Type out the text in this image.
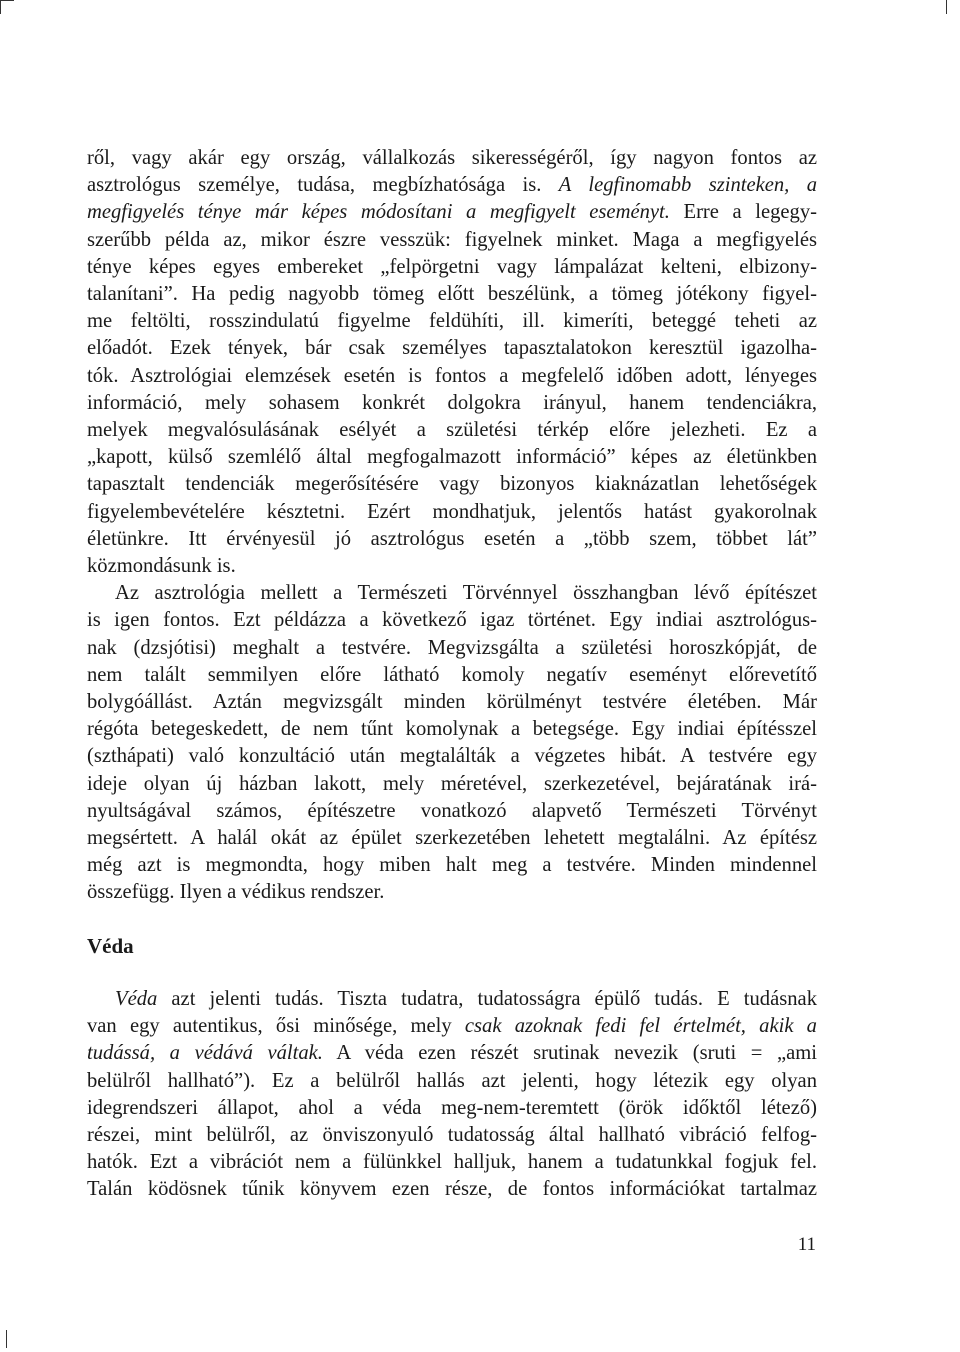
ről, vagy akár egy ország, vállalkozás sikerességéről, így nagyon fontos az
asztrológus személye, tudása, megbízhatósága is. A legfinomabb szinteken, a
megfigyelés ténye már képes módosítani a megfigyelt eseményt. Erre a legegy-
szerűbb példa az, mikor észre vesszük: figyelnek minket. Maga a megfigyelés
ténye képes egyes embereket „felpörgetni vagy lámpalázat kelteni, elbizony-
talanítani”. Ha pedig nagyobb tömeg előtt beszélünk, a tömeg jótékony figyel-
me feltölti, rosszindulatú figyelme feldühíti, ill. kimeríti, beteggé teheti az
előadót. Ezek tények, bár csak személyes tapasztalatokon keresztül igazolha-
tók. Asztrológiai elemzések esetén is fontos a megfelelő időben adott, lényeges
információ, mely sohasem konkrét dolgokra irányul, hanem tendenciákra,
melyek megvalósulásának esélyét a születési térkép előre jelezheti. Ez a
„kapott, külső szemlélő által megfogalmazott információ” képes az életünkben
tapasztalt tendenciák megerősítésére vagy bizonyos kiaknázatlan lehetőségek
figyelembevételére késztetni. Ezért mondhatjuk, jelentős hatást gyakorolnak
életünkre. Itt érvényesül jó asztrológus esetén a „több szem, többet lát”
közmondásunk is.

Az asztrológia mellett a Természeti Törvénnyel összhangban lévő építészet
is igen fontos. Ezt példázza a következő igaz történet. Egy indiai asztrológus-
nak (dzsjótisi) meghalt a testvére. Megvizsgálta a születési horoszkópját, de
nem talált semmilyen előre látható komoly negatív eseményt előrevetítő
bolygóállást. Aztán megvizsgált minden körülményt testvére életében. Már
régóta betegeskedett, de nem tűnt komolynak a betegsége. Egy indiai építésszel
(szthápati) való konzultáció után megtalálták a végzetes hibát. A testvére egy
ideje olyan új házban lakott, mely méretével, szerkezetével, bejáratának irá-
nyultságával számos, építészetre vonatkozó alapvető Természeti Törvényt
megsértett. A halál okát az épület szerkezetében lehetett megtalálni. Az építész
még azt is megmondta, hogy miben halt meg a testvére. Minden mindennel
összefügg. Ilyen a védikus rendszer.

Véda

Véda azt jelenti tudás. Tiszta tudatra, tudatosságra épülő tudás. E tudásnak
van egy autentikus, ősi minősége, mely csak azoknak fedi fel értelmét, akik a
tudássá, a védává váltak. A véda ezen részét srutinak nevezik (sruti = „ami
belülről hallható”). Ez a belülről hallás azt jelenti, hogy létezik egy olyan
idegrendszeri állapot, ahol a véda meg-nem-teremtett (örök időktől létező)
részei, mint belülről, az önviszonyuló tudatosság által hallható vibráció felfog-
hatók. Ezt a vibrációt nem a fülünkkel halljuk, hanem a tudatunkkal fogjuk fel.
Talán ködösnek tűnik könyvem ezen része, de fontos információkat tartalmaz

11
